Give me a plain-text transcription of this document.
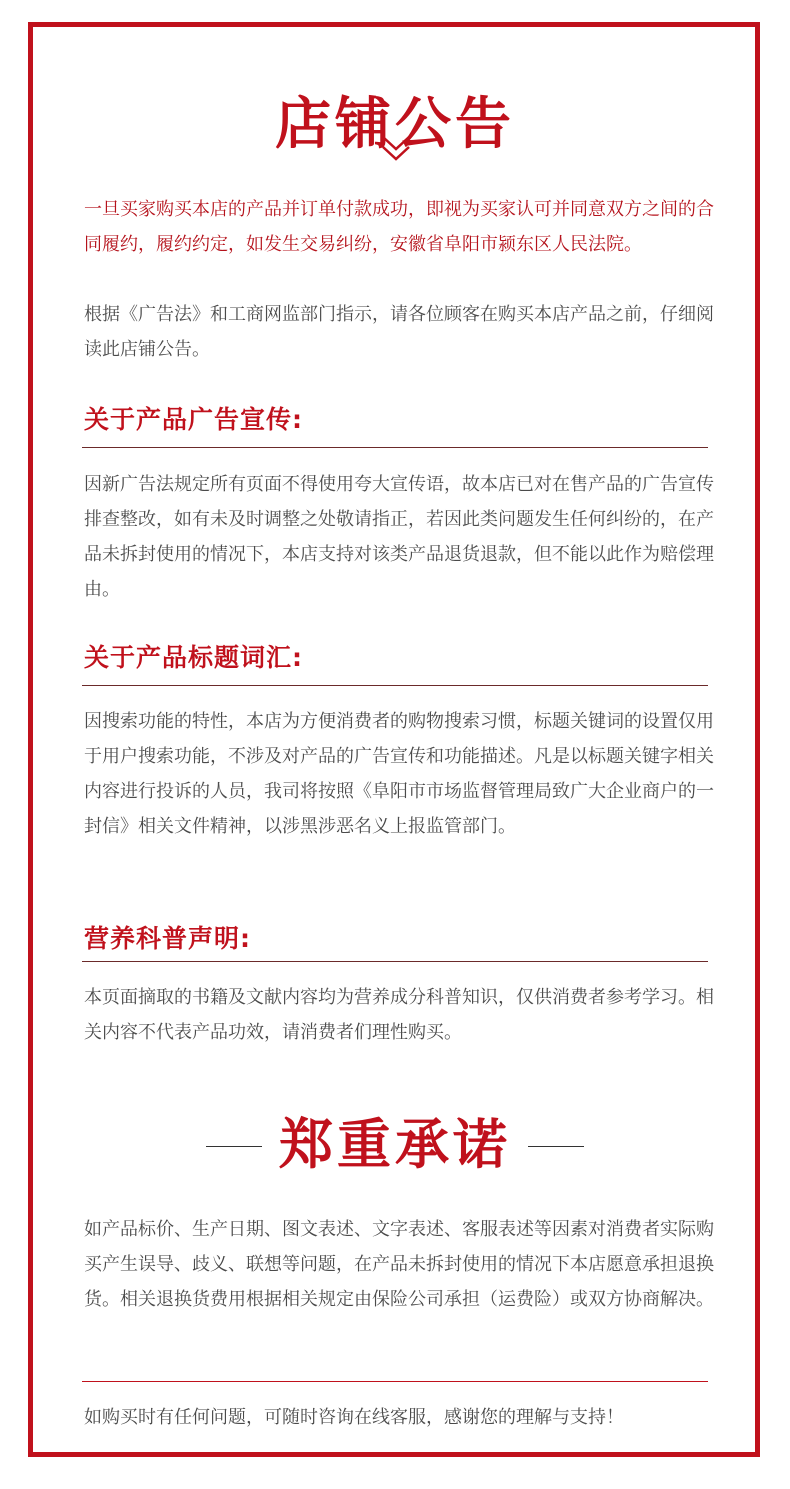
店铺公告

一旦买家购买本店的产品并订单付款成功，即视为买家认可并同意双方之间的合同履约，履约约定，如发生交易纠纷，安徽省阜阳市颍东区人民法院。

根据《广告法》和工商网监部门指示，请各位顾客在购买本店产品之前，仔细阅读此店铺公告。

关于产品广告宣传:

因新广告法规定所有页面不得使用夸大宣传语，故本店已对在售产品的广告宣传排查整改，如有未及时调整之处敬请指正，若因此类问题发生任何纠纷的，在产品未拆封使用的情况下，本店支持对该类产品退货退款，但不能以此作为赔偿理由。

关于产品标题词汇:

因搜索功能的特性，本店为方便消费者的购物搜索习惯，标题关键词的设置仅用于用户搜索功能，不涉及对产品的广告宣传和功能描述。凡是以标题关键字相关内容进行投诉的人员，我司将按照《阜阳市市场监督管理局致广大企业商户的一封信》相关文件精神，以涉黑涉恶名义上报监管部门。

营养科普声明:

本页面摘取的书籍及文献内容均为营养成分科普知识，仅供消费者参考学习。相关内容不代表产品功效，请消费者们理性购买。

郑重承诺

如产品标价、生产日期、图文表述、文字表述、客服表述等因素对消费者实际购买产生误导、歧义、联想等问题，在产品未拆封使用的情况下本店愿意承担退换货。相关退换货费用根据相关规定由保险公司承担（运费险）或双方协商解决。

如购买时有任何问题，可随时咨询在线客服，感谢您的理解与支持！
